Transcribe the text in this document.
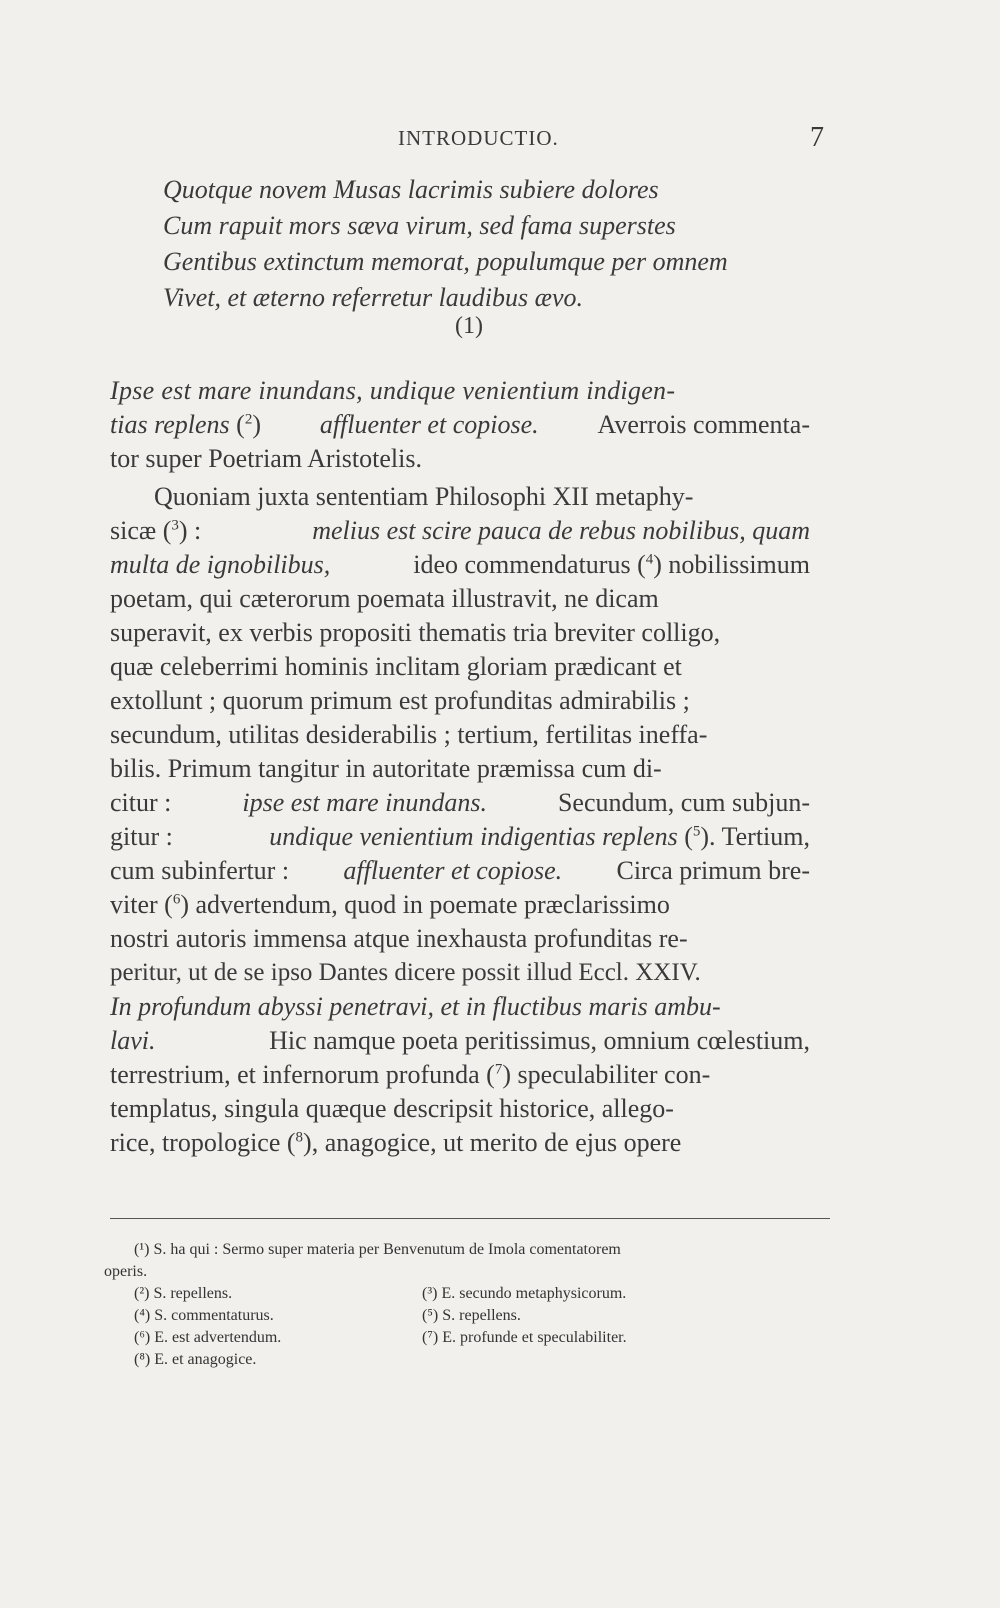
INTRODUCTIO.	7
Quotque novem Musas lacrimis subiere dolores
Cum rapuit mors sæva virum, sed fama superstes
Gentibus extinctum memorat, populumque per omnem
Vivet, et æterno referretur laudibus ævo.
(1)
Ipse est mare inundans, undique venientium indigen-
tias replens ($^2$) affluenter et copiose. Averrois commenta-
tor super Poetriam Aristotelis.
Quoniam juxta sententiam Philosophi XII metaphy-
sicæ ($^3$) :	melius est scire pauca de rebus nobilibus, quam
multa de ignobilibus,	ideo commendaturus ($^4$) nobilissimum
poetam, qui cæterorum poemata illustravit, ne dicam
superavit, ex verbis propositi thematis tria breviter colligo,
quæ celeberrimi hominis inclitam gloriam prædicant et
extollunt ; quorum primum est profunditas admirabilis ;
secundum, utilitas desiderabilis ; tertium, fertilitas ineffa-
bilis. Primum tangitur in autoritate præmissa cum di-
citur :	ipse est mare inundans.	Secundum, cum subjun-
gitur :	undique venientium indigentias replens ($^5$). Tertium,
cum subinfertur : affluenter et copiose. Circa primum bre-
viter ($^6$) advertendum, quod in poemate præclarissimo
nostri autoris immensa atque inexhausta profunditas re-
peritur, ut de se ipso Dantes dicere possit illud Eccl. XXIV.
In profundum abyssi penetravi, et in fluctibus maris ambu-
lavi.	Hic namque poeta peritissimus, omnium cœlestium,
terrestrium, et infernorum profunda ($^7$) speculabiliter con-
templatus, singula quæque descripsit historice, allego-
rice, tropologice ($^8$), anagogice, ut merito de ejus opere
(¹) S. ha qui : Sermo super materia per Benvenutum de Imola comentatorem
operis.
(²) S. repellens.	(³) E. secundo metaphysicorum.
(⁴) S. commentaturus.	(⁵) S. repellens.
(⁶) E. est advertendum.	(⁷) E. profunde et speculabiliter.
(⁸) E. et anagogice.
